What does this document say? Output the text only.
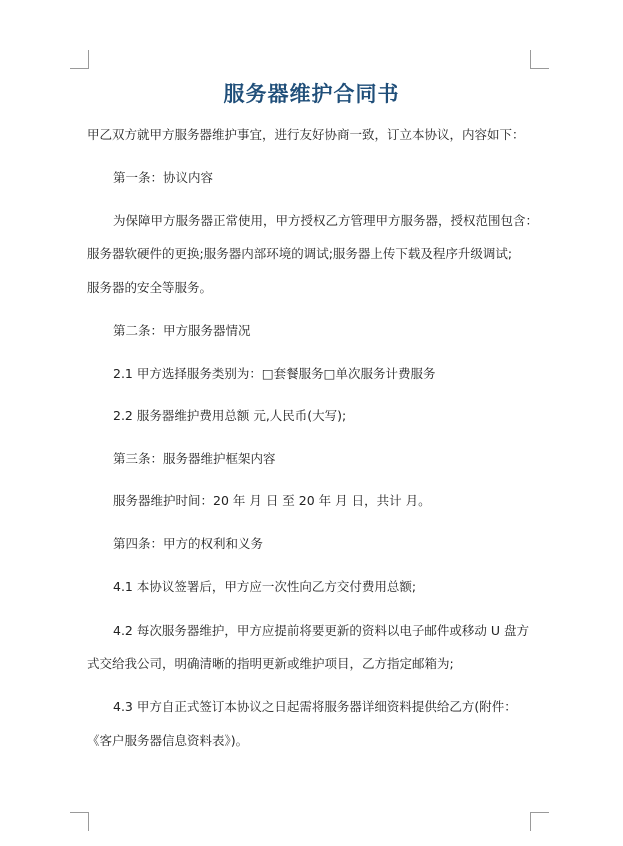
服务器维护合同书

甲乙双方就甲方服务器维护事宜，进行友好协商一致，订立本协议，内容如下：

第一条：协议内容

为保障甲方服务器正常使用，甲方授权乙方管理甲方服务器，授权范围包含：

服务器软硬件的更换;服务器内部环境的调试;服务器上传下载及程序升级调试;

服务器的安全等服务。

第二条：甲方服务器情况

2.1 甲方选择服务类别为：□套餐服务□单次服务计费服务

2.2 服务器维护费用总额 元,人民币(大写);

第三条：服务器维护框架内容

服务器维护时间：20 年 月 日 至 20 年 月 日，共计 月。

第四条：甲方的权利和义务

4.1 本协议签署后，甲方应一次性向乙方交付费用总额;

4.2 每次服务器维护，甲方应提前将要更新的资料以电子邮件或移动 U 盘方

式交给我公司，明确清晰的指明更新或维护项目，乙方指定邮箱为;

4.3 甲方自正式签订本协议之日起需将服务器详细资料提供给乙方(附件：

《客户服务器信息资料表》)。
